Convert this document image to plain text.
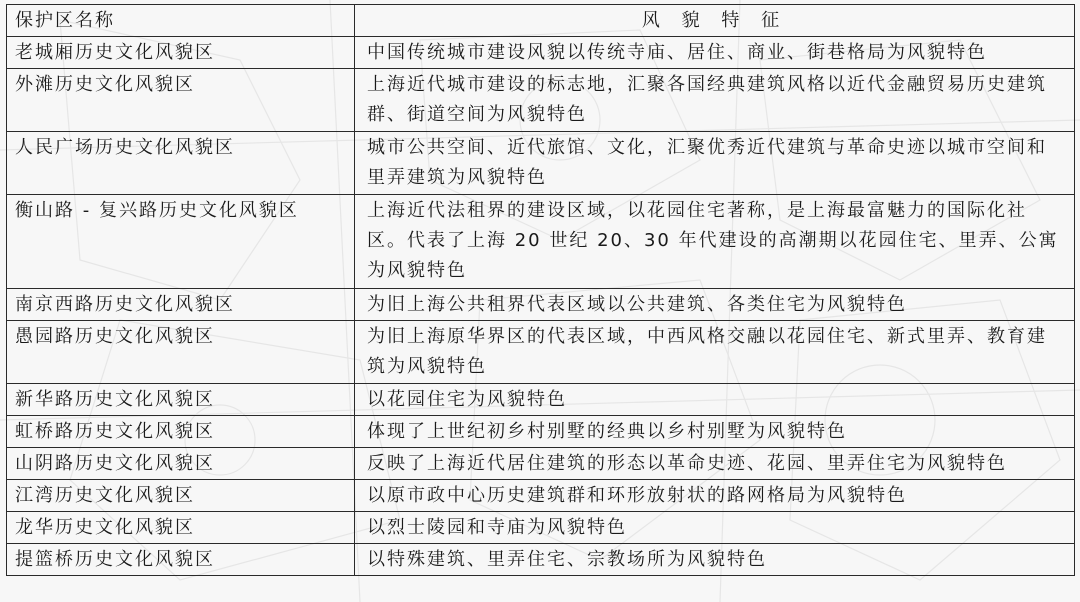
保护区名称	风 貌 特 征
老城厢历史文化风貌区	中国传统城市建设风貌以传统寺庙、居住、商业、街巷格局为风貌特色
外滩历史文化风貌区	上海近代城市建设的标志地，汇聚各国经典建筑风格以近代金融贸易历史建筑群、街道空间为风貌特色
人民广场历史文化风貌区	城市公共空间、近代旅馆、文化，汇聚优秀近代建筑与革命史迹以城市空间和里弄建筑为风貌特色
衡山路 - 复兴路历史文化风貌区	上海近代法租界的建设区域，以花园住宅著称，是上海最富魅力的国际化社区。代表了上海 20 世纪 20、30 年代建设的高潮期以花园住宅、里弄、公寓为风貌特色
南京西路历史文化风貌区	为旧上海公共租界代表区域以公共建筑、各类住宅为风貌特色
愚园路历史文化风貌区	为旧上海原华界区的代表区域，中西风格交融以花园住宅、新式里弄、教育建筑为风貌特色
新华路历史文化风貌区	以花园住宅为风貌特色
虹桥路历史文化风貌区	体现了上世纪初乡村别墅的经典以乡村别墅为风貌特色
山阴路历史文化风貌区	反映了上海近代居住建筑的形态以革命史迹、花园、里弄住宅为风貌特色
江湾历史文化风貌区	以原市政中心历史建筑群和环形放射状的路网格局为风貌特色
龙华历史文化风貌区	以烈士陵园和寺庙为风貌特色
提篮桥历史文化风貌区	以特殊建筑、里弄住宅、宗教场所为风貌特色
